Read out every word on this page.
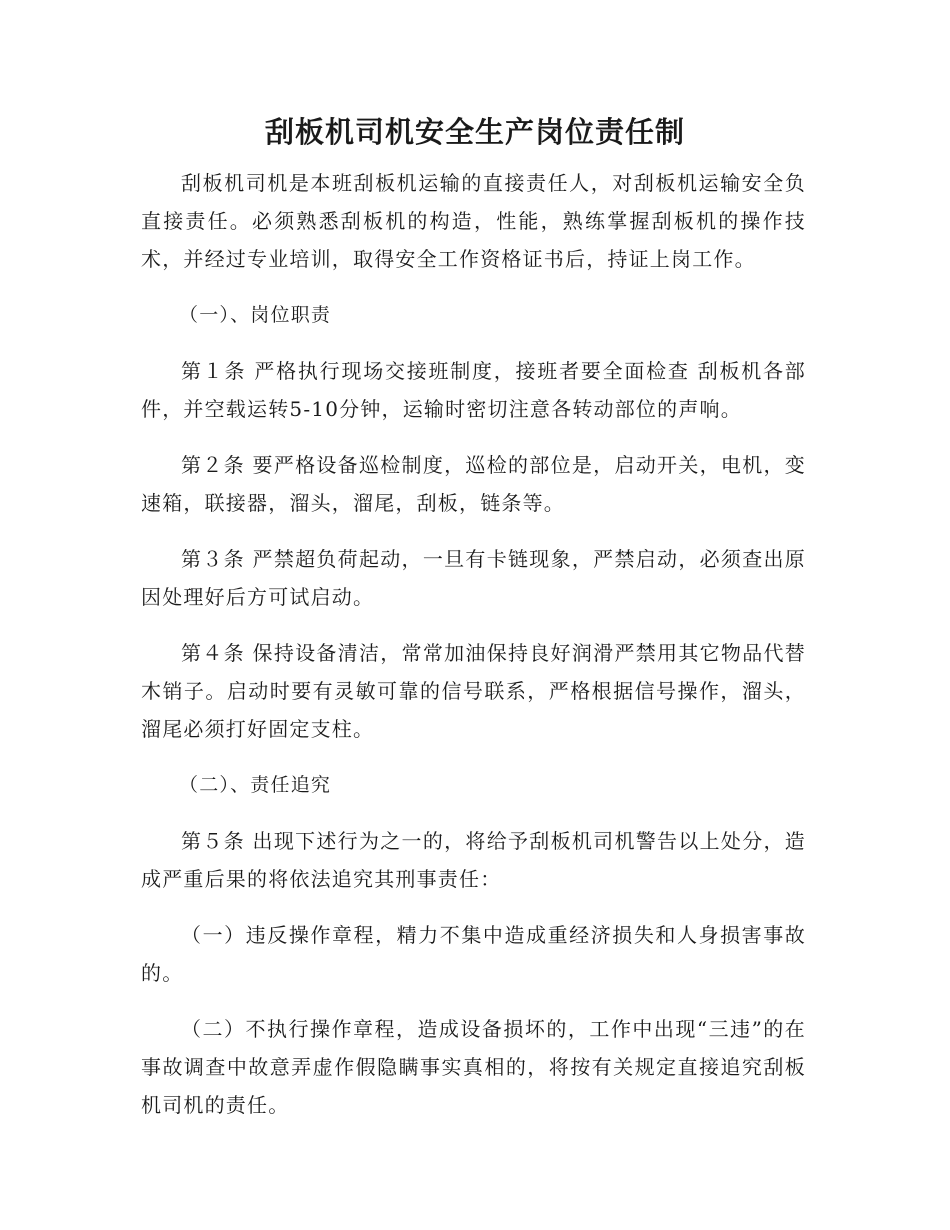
刮板机司机安全生产岗位责任制

刮板机司机是本班刮板机运输的直接责任人，对刮板机运输安全负直接责任。必须熟悉刮板机的构造，性能，熟练掌握刮板机的操作技术，并经过专业培训，取得安全工作资格证书后，持证上岗工作。

（一）、岗位职责

第１条 严格执行现场交接班制度，接班者要全面检查 刮板机各部件，并空载运转5-10分钟，运输时密切注意各转动部位的声响。

第２条 要严格设备巡检制度，巡检的部位是，启动开关，电机，变速箱，联接器，溜头，溜尾，刮板，链条等。

第３条 严禁超负荷起动，一旦有卡链现象，严禁启动，必须查出原因处理好后方可试启动。

第４条 保持设备清洁，常常加油保持良好润滑严禁用其它物品代替木销子。启动时要有灵敏可靠的信号联系，严格根据信号操作，溜头，溜尾必须打好固定支柱。

（二）、责任追究

第５条 出现下述行为之一的，将给予刮板机司机警告以上处分，造成严重后果的将依法追究其刑事责任：

（一）违反操作章程，精力不集中造成重经济损失和人身损害事故的。

（二）不执行操作章程，造成设备损坏的，工作中出现“三违”的在事故调查中故意弄虚作假隐瞒事实真相的，将按有关规定直接追究刮板机司机的责任。
